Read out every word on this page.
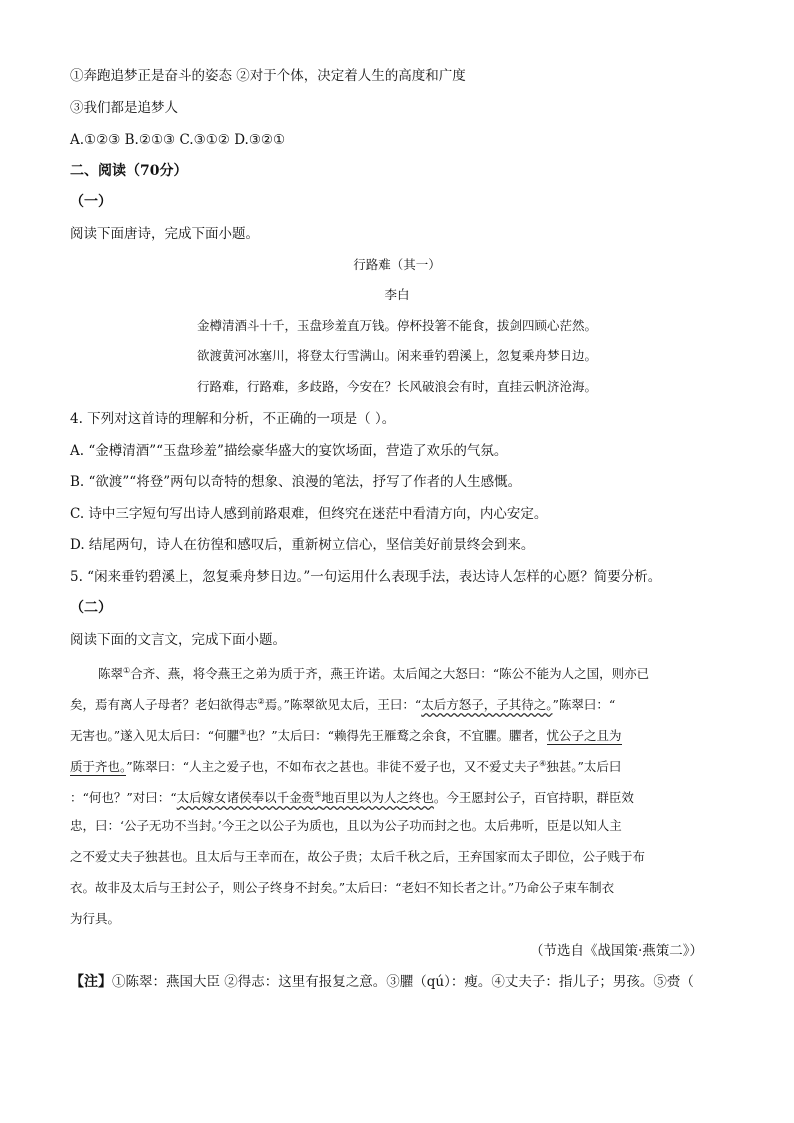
①奔跑追梦正是奋斗的姿态 ②对于个体，决定着人生的高度和广度
③我们都是追梦人
A.①②③ B.②①③ C.③①② D.③②①
二、阅读（70分）
（一）
阅读下面唐诗，完成下面小题。
行路难（其一）
李白
金樽清酒斗十千，玉盘珍羞直万钱。停杯投箸不能食，拔剑四顾心茫然。
欲渡黄河冰塞川，将登太行雪满山。闲来垂钓碧溪上，忽复乘舟梦日边。
行路难，行路难，多歧路，今安在？长风破浪会有时，直挂云帆济沧海。
4. 下列对这首诗的理解和分析，不正确的一项是（ ）。
A. “金樽清酒”“玉盘珍羞”描绘豪华盛大的宴饮场面，营造了欢乐的气氛。
B. “欲渡”“将登”两句以奇特的想象、浪漫的笔法，抒写了作者的人生感慨。
C. 诗中三字短句写出诗人感到前路艰难，但终究在迷茫中看清方向，内心安定。
D. 结尾两句，诗人在彷徨和感叹后，重新树立信心，坚信美好前景终会到来。
5. “闲来垂钓碧溪上，忽复乘舟梦日边。”一句运用什么表现手法，表达诗人怎样的心愿？简要分析。
（二）
阅读下面的文言文，完成下面小题。
陈翠①合齐、燕，将令燕王之弟为质于齐，燕王许诺。太后闻之大怒曰：“陈公不能为人之国，则亦已
矣，焉有离人子母者？老妇欲得志②焉。”陈翠欲见太后，王曰：“太后方怒子，子其待之。”陈翠曰：“
无害也。”遂入见太后曰：“何臞③也？”太后曰：“赖得先王雁鹜之余食，不宜臞。臞者，忧公子之且为
质于齐也。”陈翠曰：“人主之爱子也，不如布衣之甚也。非徒不爱子也，又不爱丈夫子④独甚。”太后曰
：“何也？”对曰：“太后嫁女诸侯奉以千金赍⑤地百里以为人之终也。今王愿封公子，百官持职，群臣效
忠，曰：‘公子无功不当封。’今王之以公子为质也，且以为公子功而封之也。太后弗听，臣是以知人主
之不爱丈夫子独甚也。且太后与王幸而在，故公子贵；太后千秋之后，王弃国家而太子即位，公子贱于布
衣。故非及太后与王封公子，则公子终身不封矣。”太后曰：“老妇不知长者之计。”乃命公子束车制衣
为行具。
（节选自《战国策·燕策二》）
【注】①陈翠：燕国大臣 ②得志：这里有报复之意。③臞（qú）：瘦。④丈夫子：指儿子；男孩。⑤赍（
